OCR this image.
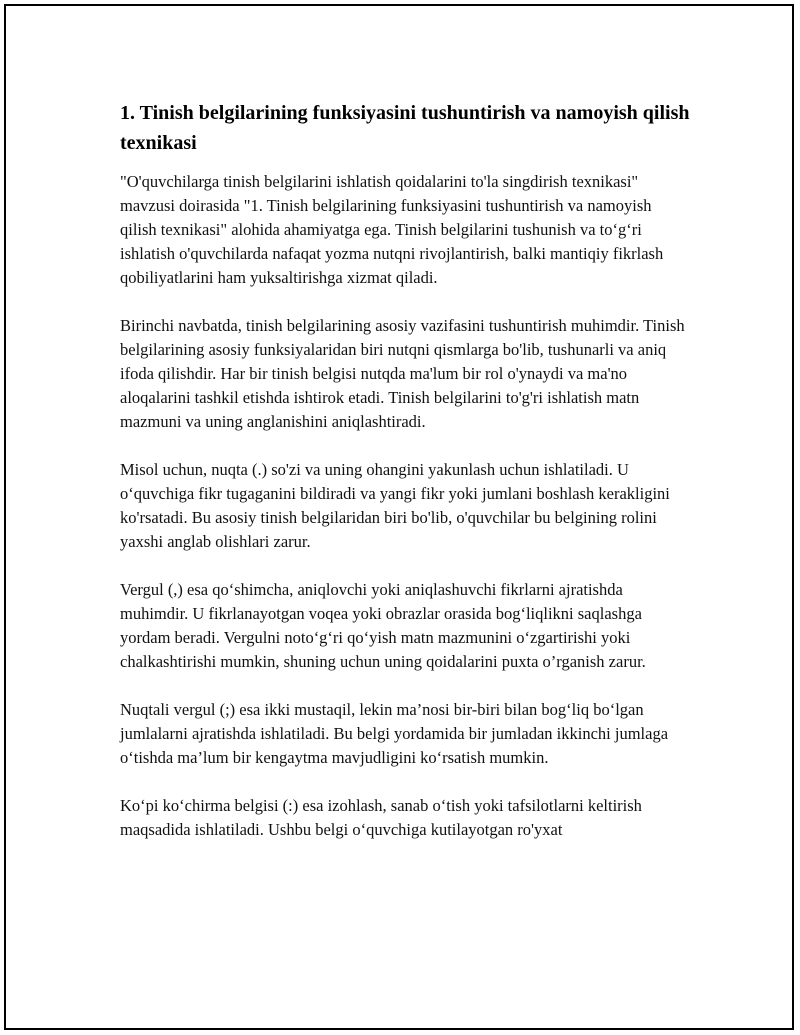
1. Tinish belgilarining funksiyasini tushuntirish va namoyish qilish texnikasi

"O'quvchilarga tinish belgilarini ishlatish qoidalarini to'la singdirish texnikasi" mavzusi doirasida "1. Tinish belgilarining funksiyasini tushuntirish va namoyish qilish texnikasi" alohida ahamiyatga ega. Tinish belgilarini tushunish va to‘g‘ri ishlatish o'quvchilarda nafaqat yozma nutqni rivojlantirish, balki mantiqiy fikrlash qobiliyatlarini ham yuksaltirishga xizmat qiladi.

Birinchi navbatda, tinish belgilarining asosiy vazifasini tushuntirish muhimdir. Tinish belgilarining asosiy funksiyalaridan biri nutqni qismlarga bo'lib, tushunarli va aniq ifoda qilishdir. Har bir tinish belgisi nutqda ma'lum bir rol o'ynaydi va ma'no aloqalarini tashkil etishda ishtirok etadi. Tinish belgilarini to'g'ri ishlatish matn mazmuni va uning anglanishini aniqlashtiradi.

Misol uchun, nuqta (.) so'zi va uning ohangini yakunlash uchun ishlatiladi. U o‘quvchiga fikr tugaganini bildiradi va yangi fikr yoki jumlani boshlash kerakligini ko'rsatadi. Bu asosiy tinish belgilaridan biri bo'lib, o'quvchilar bu belgining rolini yaxshi anglab olishlari zarur.

Vergul (,) esa qo‘shimcha, aniqlovchi yoki aniqlashuvchi fikrlarni ajratishda muhimdir. U fikrlanayotgan voqea yoki obrazlar orasida bog‘liqlikni saqlashga yordam beradi. Vergulni noto‘g‘ri qo‘yish matn mazmunini o‘zgartirishi yoki chalkashtirishi mumkin, shuning uchun uning qoidalarini puxta o’rganish zarur.

Nuqtali vergul (;) esa ikki mustaqil, lekin ma’nosi bir-biri bilan bog‘liq bo‘lgan jumlalarni ajratishda ishlatiladi. Bu belgi yordamida bir jumladan ikkinchi jumlaga o‘tishda ma’lum bir kengaytma mavjudligini ko‘rsatish mumkin.

Ko‘pi ko‘chirma belgisi (:) esa izohlash, sanab o‘tish yoki tafsilotlarni keltirish maqsadida ishlatiladi. Ushbu belgi o‘quvchiga kutilayotgan ro'yxat
